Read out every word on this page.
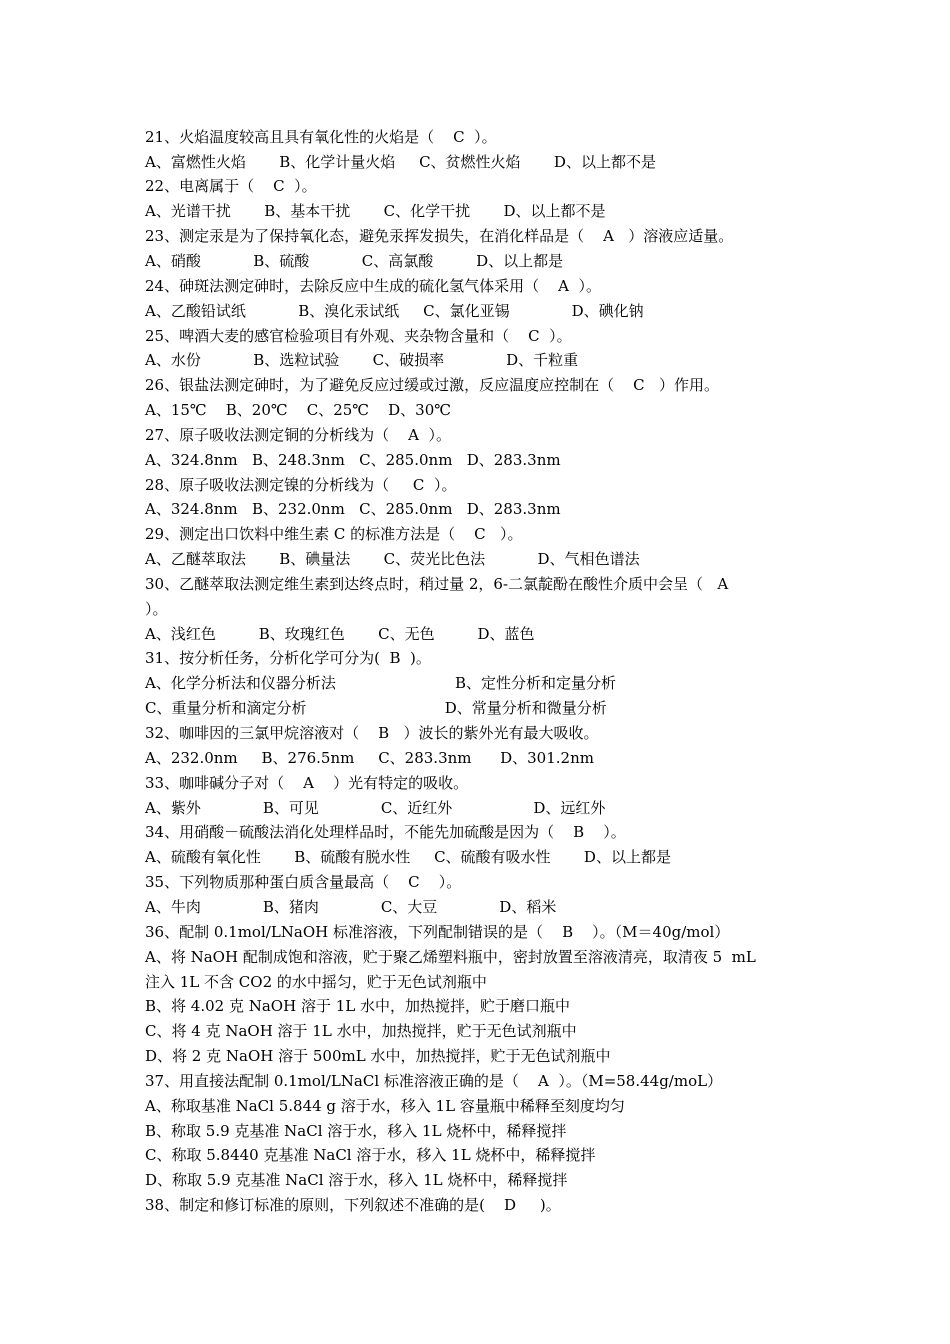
21、火焰温度较高且具有氧化性的火焰是（    C  ）。
A、富燃性火焰       B、化学计量火焰     C、贫燃性火焰       D、以上都不是
22、电离属于（    C  ）。
A、光谱干扰       B、基本干扰       C、化学干扰       D、以上都不是
23、测定汞是为了保持氧化态，避免汞挥发损失，在消化样品是（    A   ）溶液应适量。
A、硝酸           B、硫酸           C、高氯酸         D、以上都是
24、砷斑法测定砷时，去除反应中生成的硫化氢气体采用（    A  ）。
A、乙酸铅试纸           B、溴化汞试纸     C、氯化亚锡             D、碘化钠
25、啤酒大麦的感官检验项目有外观、夹杂物含量和（    C  ）。
A、水份           B、选粒试验       C、破损率             D、千粒重
26、银盐法测定砷时，为了避免反应过缓或过激，反应温度应控制在（    C   ）作用。
A、15℃    B、20℃    C、25℃    D、30℃
27、原子吸收法测定铜的分析线为（    A  ）。
A、324.8nm   B、248.3nm   C、285.0nm   D、283.3nm
28、原子吸收法测定镍的分析线为（     C  ）。
A、324.8nm   B、232.0nm   C、285.0nm   D、283.3nm
29、测定出口饮料中维生素 C 的标准方法是（    C   ）。
A、乙醚萃取法       B、碘量法       C、荧光比色法           D、气相色谱法
30、乙醚萃取法测定维生素到达终点时，稍过量 2，6-二氯靛酚在酸性介质中会呈（   A
）。
A、浅红色         B、玫瑰红色       C、无色         D、蓝色
31、按分析任务，分析化学可分为(  B  )。
A、化学分析法和仪器分析法                         B、定性分析和定量分析
C、重量分析和滴定分析                             D、常量分析和微量分析
32、咖啡因的三氯甲烷溶液对（    B   ）波长的紫外光有最大吸收。
A、232.0nm     B、276.5nm     C、283.3nm      D、301.2nm
33、咖啡碱分子对（    A    ）光有特定的吸收。
A、紫外             B、可见             C、近红外                 D、远红外
34、用硝酸－硫酸法消化处理样品时，不能先加硫酸是因为（    B    ）。
A、硫酸有氧化性       B、硫酸有脱水性     C、硫酸有吸水性       D、以上都是
35、下列物质那种蛋白质含量最高（    C    ）。
A、牛肉             B、猪肉             C、大豆             D、稻米
36、配制 0.1mol/LNaOH 标准溶液，下列配制错误的是（    B    ）。（M＝40g/mol）
A、将 NaOH 配制成饱和溶液，贮于聚乙烯塑料瓶中，密封放置至溶液清亮，取清夜 5  mL
注入 1L 不含 CO2 的水中摇匀，贮于无色试剂瓶中
B、将 4.02 克 NaOH 溶于 1L 水中，加热搅拌，贮于磨口瓶中
C、将 4 克 NaOH 溶于 1L 水中，加热搅拌，贮于无色试剂瓶中
D、将 2 克 NaOH 溶于 500mL 水中，加热搅拌，贮于无色试剂瓶中
37、用直接法配制 0.1mol/LNaCl 标准溶液正确的是（    A  ）。（M=58.44g/moL）
A、称取基准 NaCl 5.844 g 溶于水，移入 1L 容量瓶中稀释至刻度均匀
B、称取 5.9 克基准 NaCl 溶于水，移入 1L 烧杯中，稀释搅拌
C、称取 5.8440 克基准 NaCl 溶于水，移入 1L 烧杯中，稀释搅拌
D、称取 5.9 克基准 NaCl 溶于水，移入 1L 烧杯中，稀释搅拌
38、制定和修订标准的原则，下列叙述不准确的是(    D     )。
